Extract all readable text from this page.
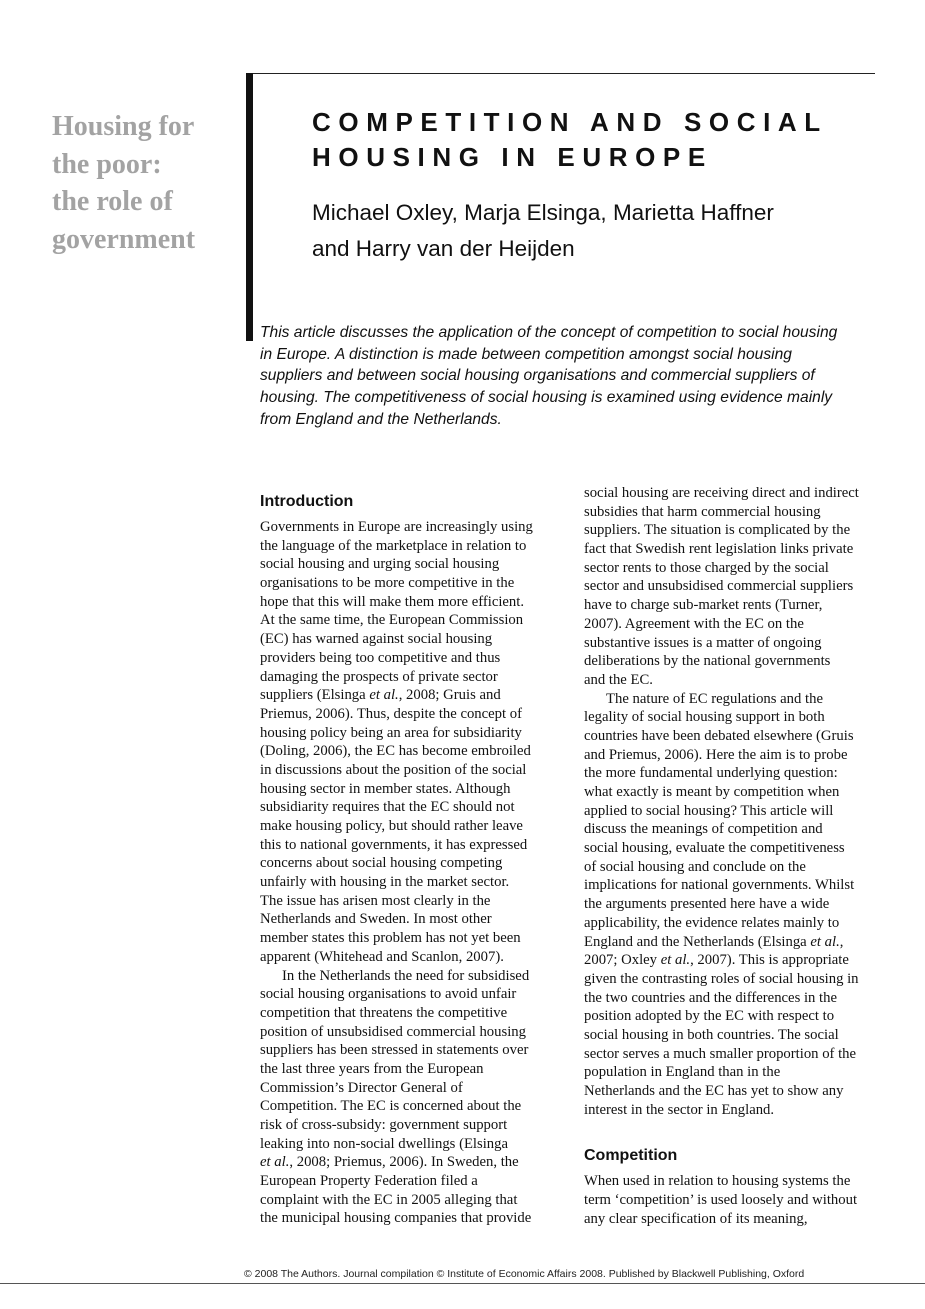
Housing for
the poor:
the role of
government
COMPETITION AND SOCIAL
HOUSING IN EUROPE
Michael Oxley, Marja Elsinga, Marietta Haffner
and Harry van der Heijden
This article discusses the application of the concept of competition to social housing
in Europe. A distinction is made between competition amongst social housing
suppliers and between social housing organisations and commercial suppliers of
housing. The competitiveness of social housing is examined using evidence mainly
from England and the Netherlands.
Introduction
Governments in Europe are increasingly using
the language of the marketplace in relation to
social housing and urging social housing
organisations to be more competitive in the
hope that this will make them more efficient.
At the same time, the European Commission
(EC) has warned against social housing
providers being too competitive and thus
damaging the prospects of private sector
suppliers (Elsinga et al., 2008; Gruis and
Priemus, 2006). Thus, despite the concept of
housing policy being an area for subsidiarity
(Doling, 2006), the EC has become embroiled
in discussions about the position of the social
housing sector in member states. Although
subsidiarity requires that the EC should not
make housing policy, but should rather leave
this to national governments, it has expressed
concerns about social housing competing
unfairly with housing in the market sector.
The issue has arisen most clearly in the
Netherlands and Sweden. In most other
member states this problem has not yet been
apparent (Whitehead and Scanlon, 2007).
In the Netherlands the need for subsidised
social housing organisations to avoid unfair
competition that threatens the competitive
position of unsubsidised commercial housing
suppliers has been stressed in statements over
the last three years from the European
Commission’s Director General of
Competition. The EC is concerned about the
risk of cross-subsidy: government support
leaking into non-social dwellings (Elsinga
et al., 2008; Priemus, 2006). In Sweden, the
European Property Federation filed a
complaint with the EC in 2005 alleging that
the municipal housing companies that provide
social housing are receiving direct and indirect
subsidies that harm commercial housing
suppliers. The situation is complicated by the
fact that Swedish rent legislation links private
sector rents to those charged by the social
sector and unsubsidised commercial suppliers
have to charge sub-market rents (Turner,
2007). Agreement with the EC on the
substantive issues is a matter of ongoing
deliberations by the national governments
and the EC.
The nature of EC regulations and the
legality of social housing support in both
countries have been debated elsewhere (Gruis
and Priemus, 2006). Here the aim is to probe
the more fundamental underlying question:
what exactly is meant by competition when
applied to social housing? This article will
discuss the meanings of competition and
social housing, evaluate the competitiveness
of social housing and conclude on the
implications for national governments. Whilst
the arguments presented here have a wide
applicability, the evidence relates mainly to
England and the Netherlands (Elsinga et al.,
2007; Oxley et al., 2007). This is appropriate
given the contrasting roles of social housing in
the two countries and the differences in the
position adopted by the EC with respect to
social housing in both countries. The social
sector serves a much smaller proportion of the
population in England than in the
Netherlands and the EC has yet to show any
interest in the sector in England.
Competition
When used in relation to housing systems the
term ‘competition’ is used loosely and without
any clear specification of its meaning,
© 2008 The Authors. Journal compilation © Institute of Economic Affairs 2008. Published by Blackwell Publishing, Oxford
